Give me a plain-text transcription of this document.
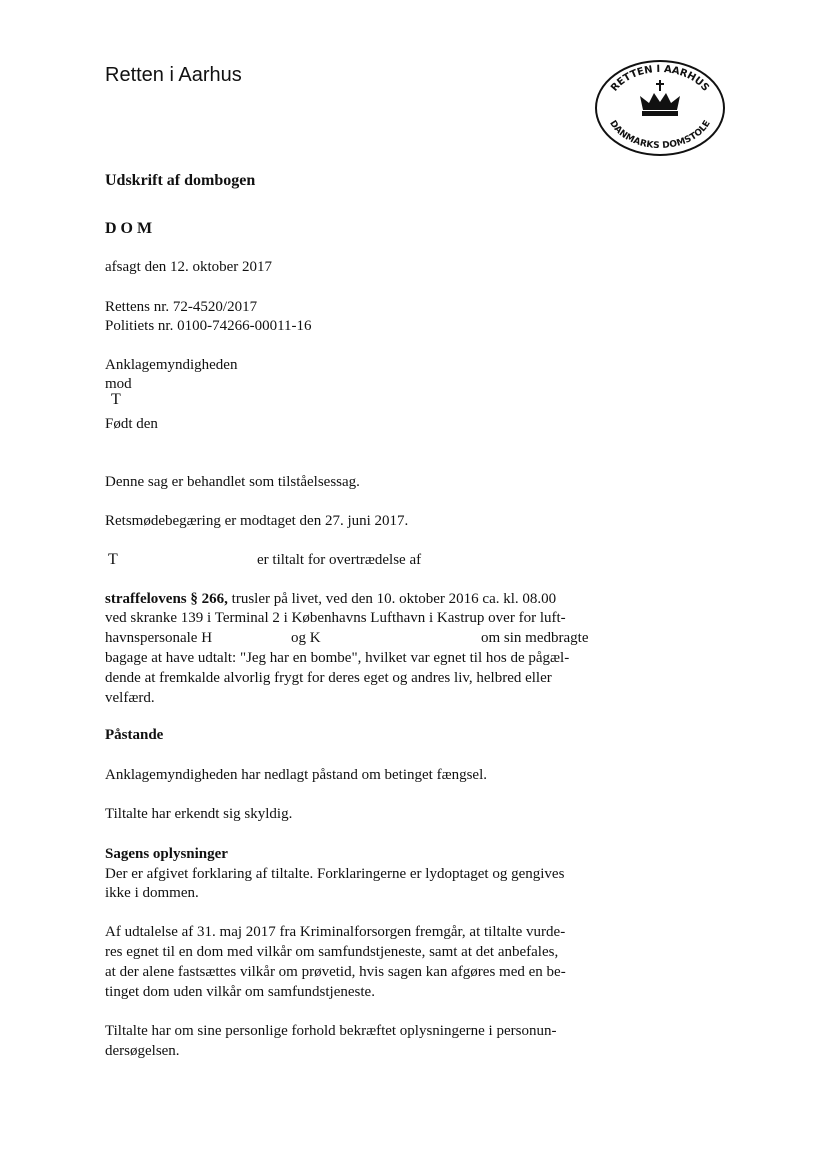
Retten i Aarhus
RETTEN I AARHUS
DANMARKS DOMSTOLE
Udskrift af dombogen
DOM
afsagt den 12. oktober 2017
Rettens nr. 72-4520/2017
Politiets nr. 0100-74266-00011-16
Anklagemyndigheden
mod
T
Født den
Denne sag er behandlet som tilståelsessag.
Retsmødebegæring er modtaget den 27. juni 2017.
T	er tiltalt for overtrædelse af
straffelovens § 266, trusler på livet, ved den 10. oktober 2016 ca. kl. 08.00
ved skranke 139 i Terminal 2 i Københavns Lufthavn i Kastrup over for luft-
havnspersonale H	og K	om sin medbragte
bagage at have udtalt: "Jeg har en bombe", hvilket var egnet til hos de pågæl-
dende at fremkalde alvorlig frygt for deres eget og andres liv, helbred eller
velfærd.
Påstande
Anklagemyndigheden har nedlagt påstand om betinget fængsel.
Tiltalte har erkendt sig skyldig.
Sagens oplysninger
Der er afgivet forklaring af tiltalte. Forklaringerne er lydoptaget og gengives
ikke i dommen.
Af udtalelse af 31. maj 2017 fra Kriminalforsorgen fremgår, at tiltalte vurde-
res egnet til en dom med vilkår om samfundstjeneste, samt at det anbefales,
at der alene fastsættes vilkår om prøvetid, hvis sagen kan afgøres med en be-
tinget dom uden vilkår om samfundstjeneste.
Tiltalte har om sine personlige forhold bekræftet oplysningerne i personun-
dersøgelsen.
